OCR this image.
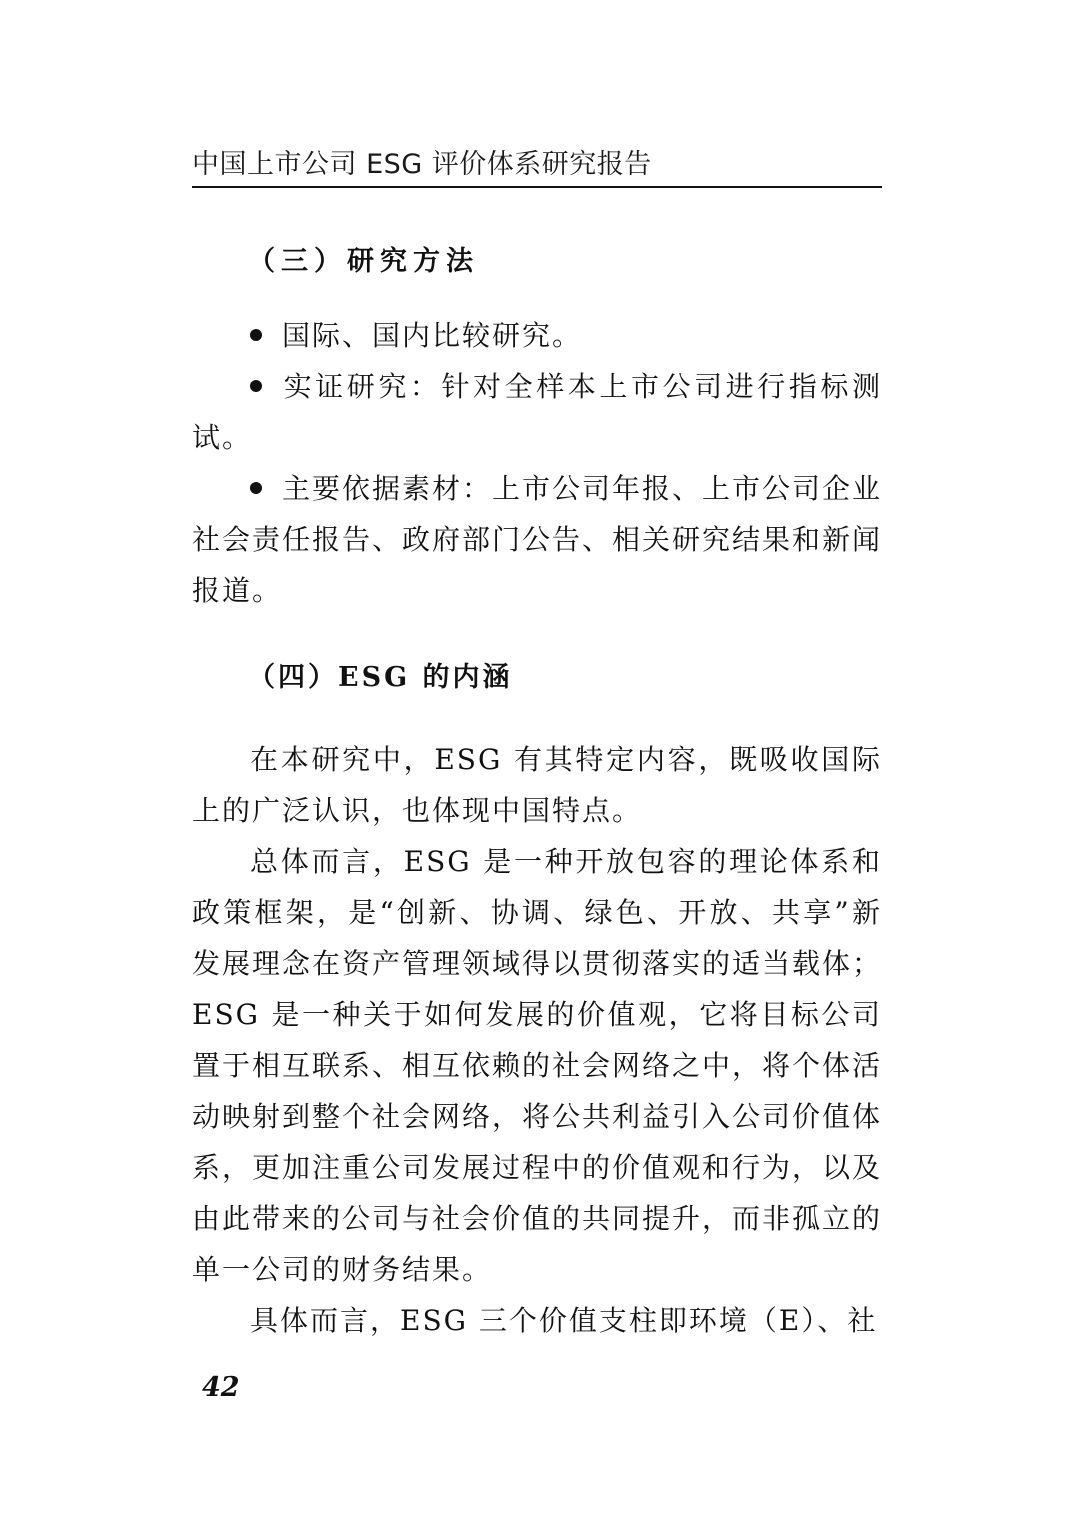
中国上市公司 ESG 评价体系研究报告
（三）研究方法

国际、国内比较研究。

实证研究：针对全样本上市公司进行指标测试。

主要依据素材：上市公司年报、上市公司企业社会责任报告、政府部门公告、相关研究结果和新闻报道。

（四）ESG 的内涵

在本研究中，ESG 有其特定内容，既吸收国际上的广泛认识，也体现中国特点。

总体而言，ESG 是一种开放包容的理论体系和政策框架，是“创新、协调、绿色、开放、共享”新发展理念在资产管理领域得以贯彻落实的适当载体；ESG 是一种关于如何发展的价值观，它将目标公司置于相互联系、相互依赖的社会网络之中，将个体活动映射到整个社会网络，将公共利益引入公司价值体系，更加注重公司发展过程中的价值观和行为，以及由此带来的公司与社会价值的共同提升，而非孤立的单一公司的财务结果。

具体而言，ESG 三个价值支柱即环境（E）、社

42
